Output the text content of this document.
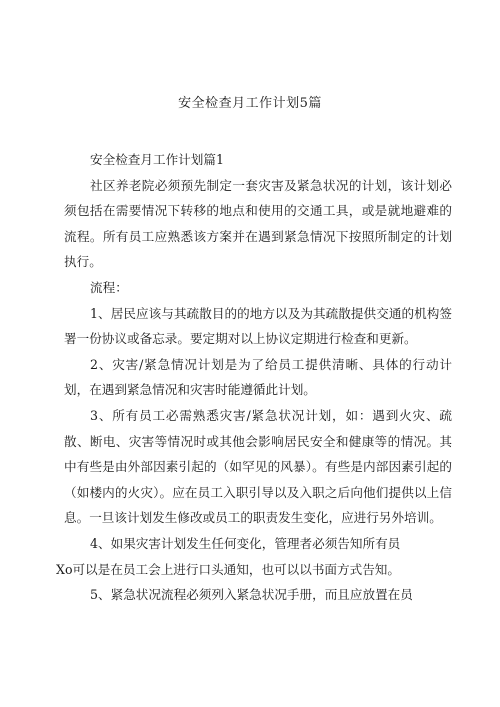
安全检查月工作计划5篇

安全检查月工作计划篇1

社区养老院必须预先制定一套灾害及紧急状况的计划，该计划必须包括在需要情况下转移的地点和使用的交通工具，或是就地避难的流程。所有员工应熟悉该方案并在遇到紧急情况下按照所制定的计划执行。

流程：

1、居民应该与其疏散目的的地方以及为其疏散提供交通的机构签署一份协议或备忘录。要定期对以上协议定期进行检查和更新。

2、灾害/紧急情况计划是为了给员工提供清晰、具体的行动计划，在遇到紧急情况和灾害时能遵循此计划。

3、所有员工必需熟悉灾害/紧急状况计划，如：遇到火灾、疏散、断电、灾害等情况时或其他会影响居民安全和健康等的情况。其中有些是由外部因素引起的（如罕见的风暴）。有些是内部因素引起的（如楼内的火灾）。应在员工入职引导以及入职之后向他们提供以上信息。一旦该计划发生修改或员工的职责发生变化，应进行另外培训。

4、如果灾害计划发生任何变化，管理者必须告知所有员

Xo可以是在员工会上进行口头通知，也可以以书面方式告知。

5、紧急状况流程必须列入紧急状况手册，而且应放置在员
